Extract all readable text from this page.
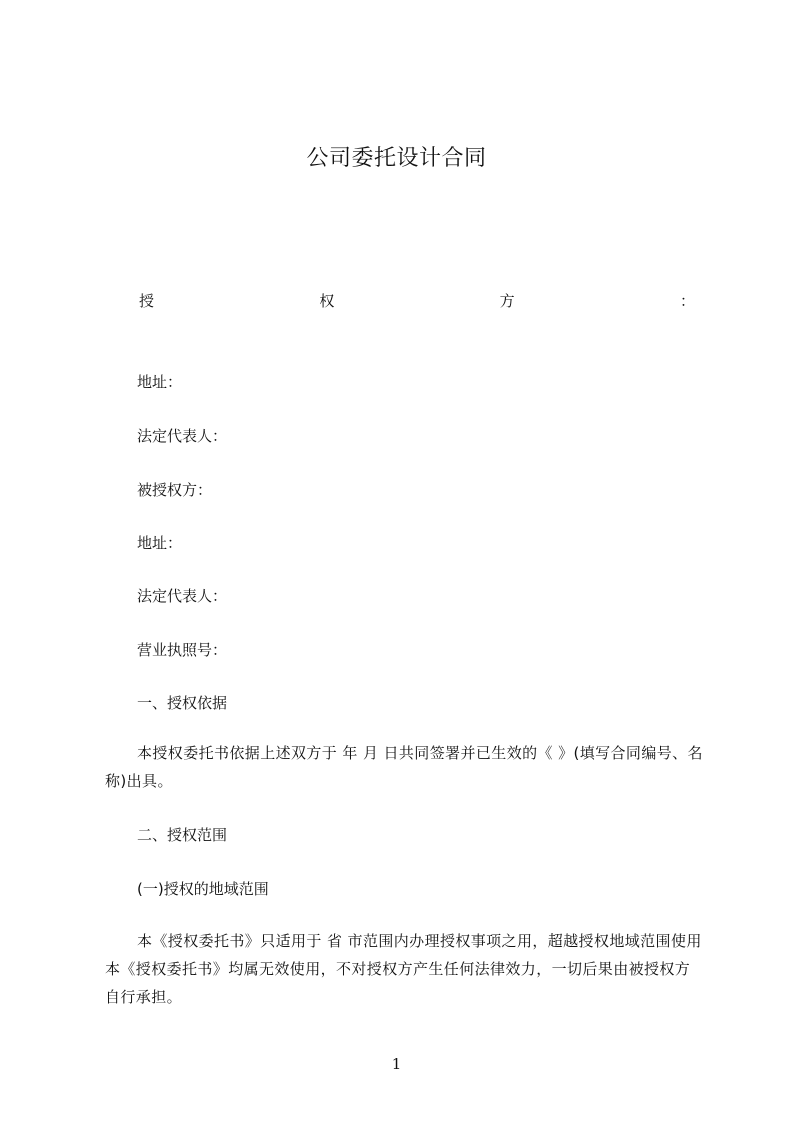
公司委托设计合同
授	权	方	：
地址：
法定代表人：
被授权方：
地址：
法定代表人：
营业执照号：
一、授权依据
本授权委托书依据上述双方于 年 月 日共同签署并已生效的《 》(填写合同编号、名称)出具。
二、授权范围
(一)授权的地域范围
本《授权委托书》只适用于 省 市范围内办理授权事项之用，超越授权地域范围使用本《授权委托书》均属无效使用，不对授权方产生任何法律效力，一切后果由被授权方自行承担。
1
